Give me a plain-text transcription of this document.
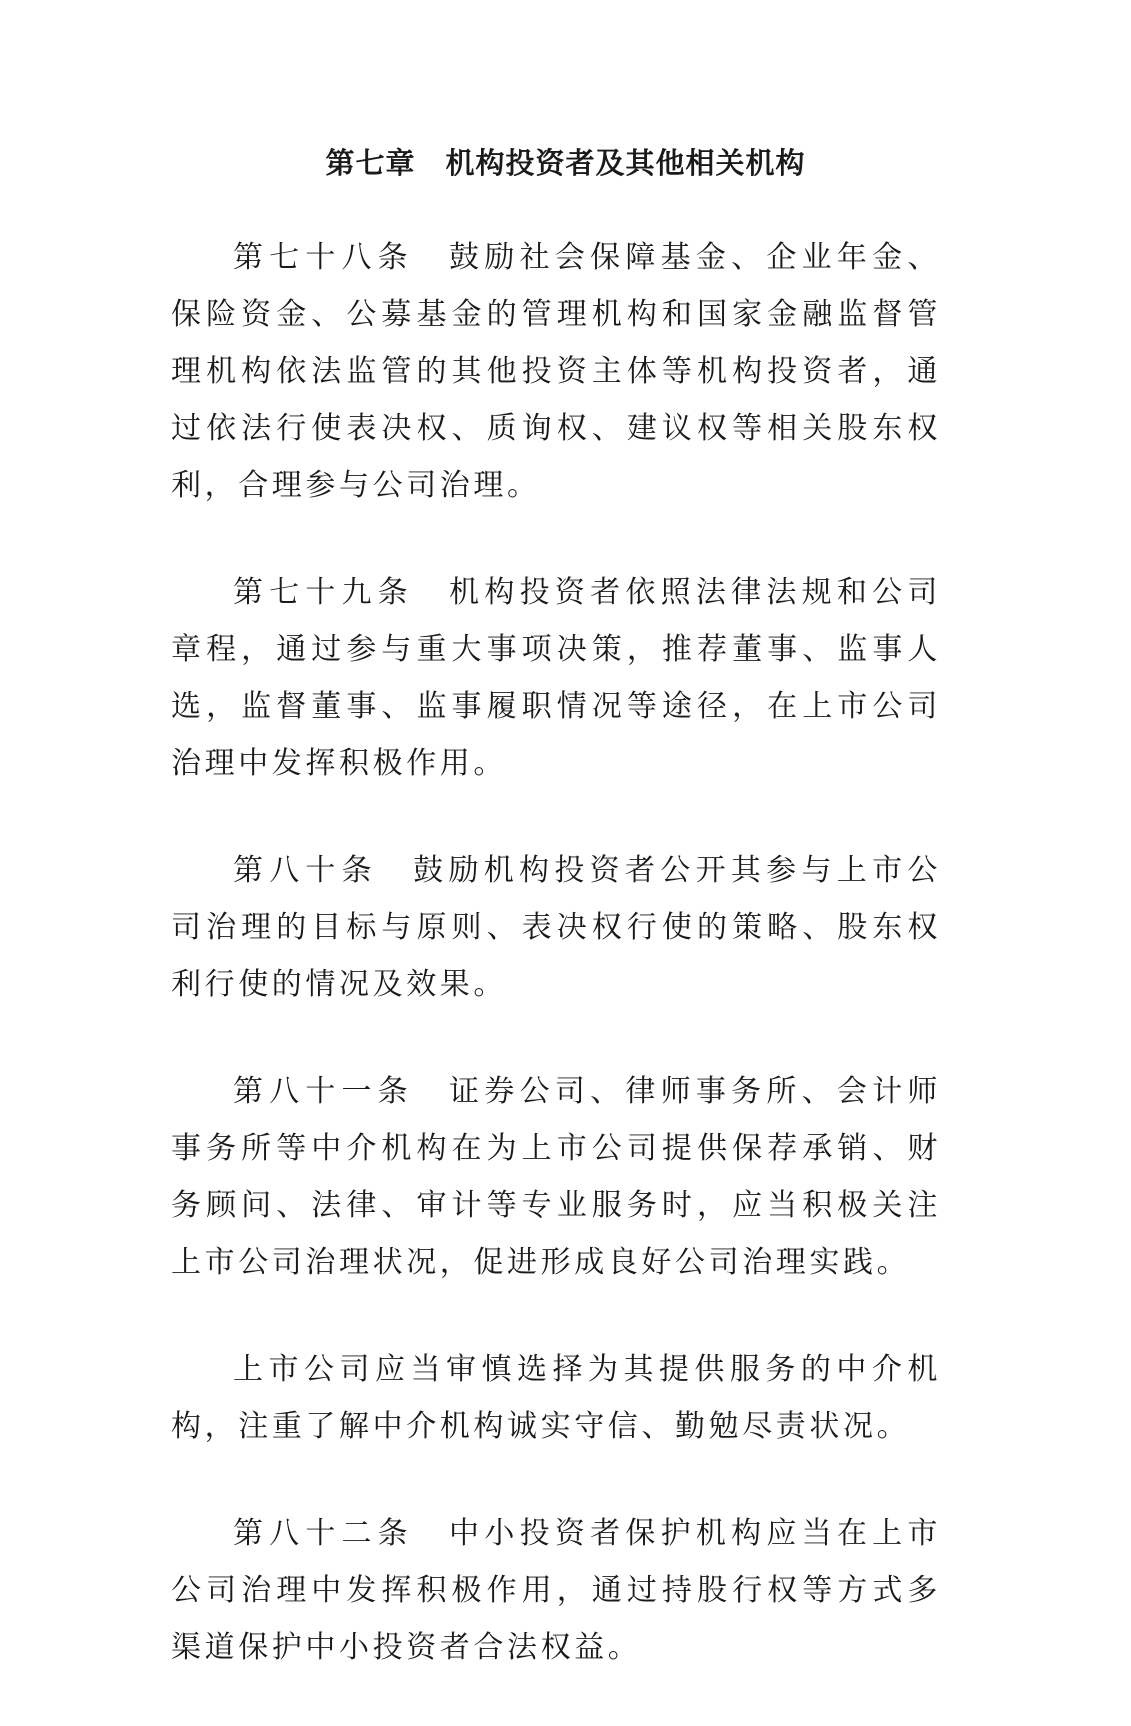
第七章　机构投资者及其他相关机构

第七十八条　鼓励社会保障基金、企业年金、保险资金、公募基金的管理机构和国家金融监督管理机构依法监管的其他投资主体等机构投资者，通过依法行使表决权、质询权、建议权等相关股东权利，合理参与公司治理。

第七十九条　机构投资者依照法律法规和公司章程，通过参与重大事项决策，推荐董事、监事人选，监督董事、监事履职情况等途径，在上市公司治理中发挥积极作用。

第八十条　鼓励机构投资者公开其参与上市公司治理的目标与原则、表决权行使的策略、股东权利行使的情况及效果。

第八十一条　证券公司、律师事务所、会计师事务所等中介机构在为上市公司提供保荐承销、财务顾问、法律、审计等专业服务时，应当积极关注上市公司治理状况，促进形成良好公司治理实践。

上市公司应当审慎选择为其提供服务的中介机构，注重了解中介机构诚实守信、勤勉尽责状况。

第八十二条　中小投资者保护机构应当在上市公司治理中发挥积极作用，通过持股行权等方式多渠道保护中小投资者合法权益。
